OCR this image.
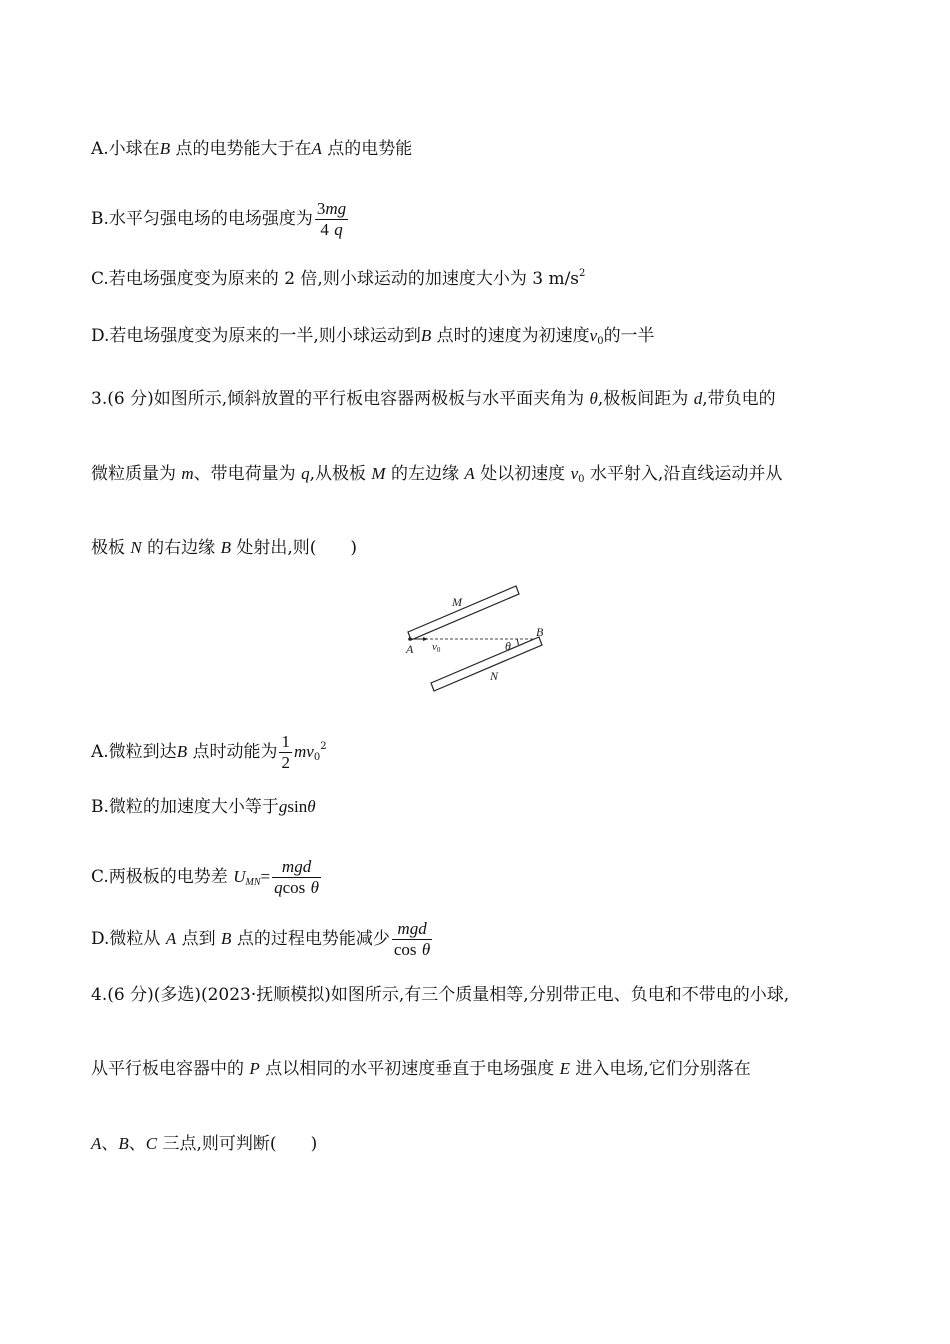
A.小球在B 点的电势能大于在A 点的电势能
B.水平匀强电场的电场强度为 $\frac{3mg}{4 q}$
C.若电场强度变为原来的 2 倍,则小球运动的加速度大小为 3 $m/s^2$
D.若电场强度变为原来的一半,则小球运动到B 点时的速度为初速度$v_0$的一半
3.(6 分)如图所示,倾斜放置的平行板电容器两极板与水平面夹角为 θ,极板间距为 d,带负电的
微粒质量为 m、带电荷量为 q,从极板 M 的左边缘 A 处以初速度 $v_0$ 水平射入,沿直线运动并从
极板 N 的右边缘 B 处射出,则( )
M
N
A
B
v0	θ
A.微粒到达B 点时动能为 $\frac{1}{2} mv_0^2$
B.微粒的加速度大小等于gsinθ
C.两极板的电势差 $U_{MN}= \frac{\text{mgd}}{\text{qcos θ}}$
D.微粒从 A 点到 B 点的过程电势能减少 $\frac{\text{mgd}}{\text{cos θ}}$
4.(6 分)(多选)(2023·抚顺模拟)如图所示,有三个质量相等,分别带正电、负电和不带电的小球,
从平行板电容器中的 P 点以相同的水平初速度垂直于电场强度 E 进入电场,它们分别落在
A、B、C 三点,则可判断( )
